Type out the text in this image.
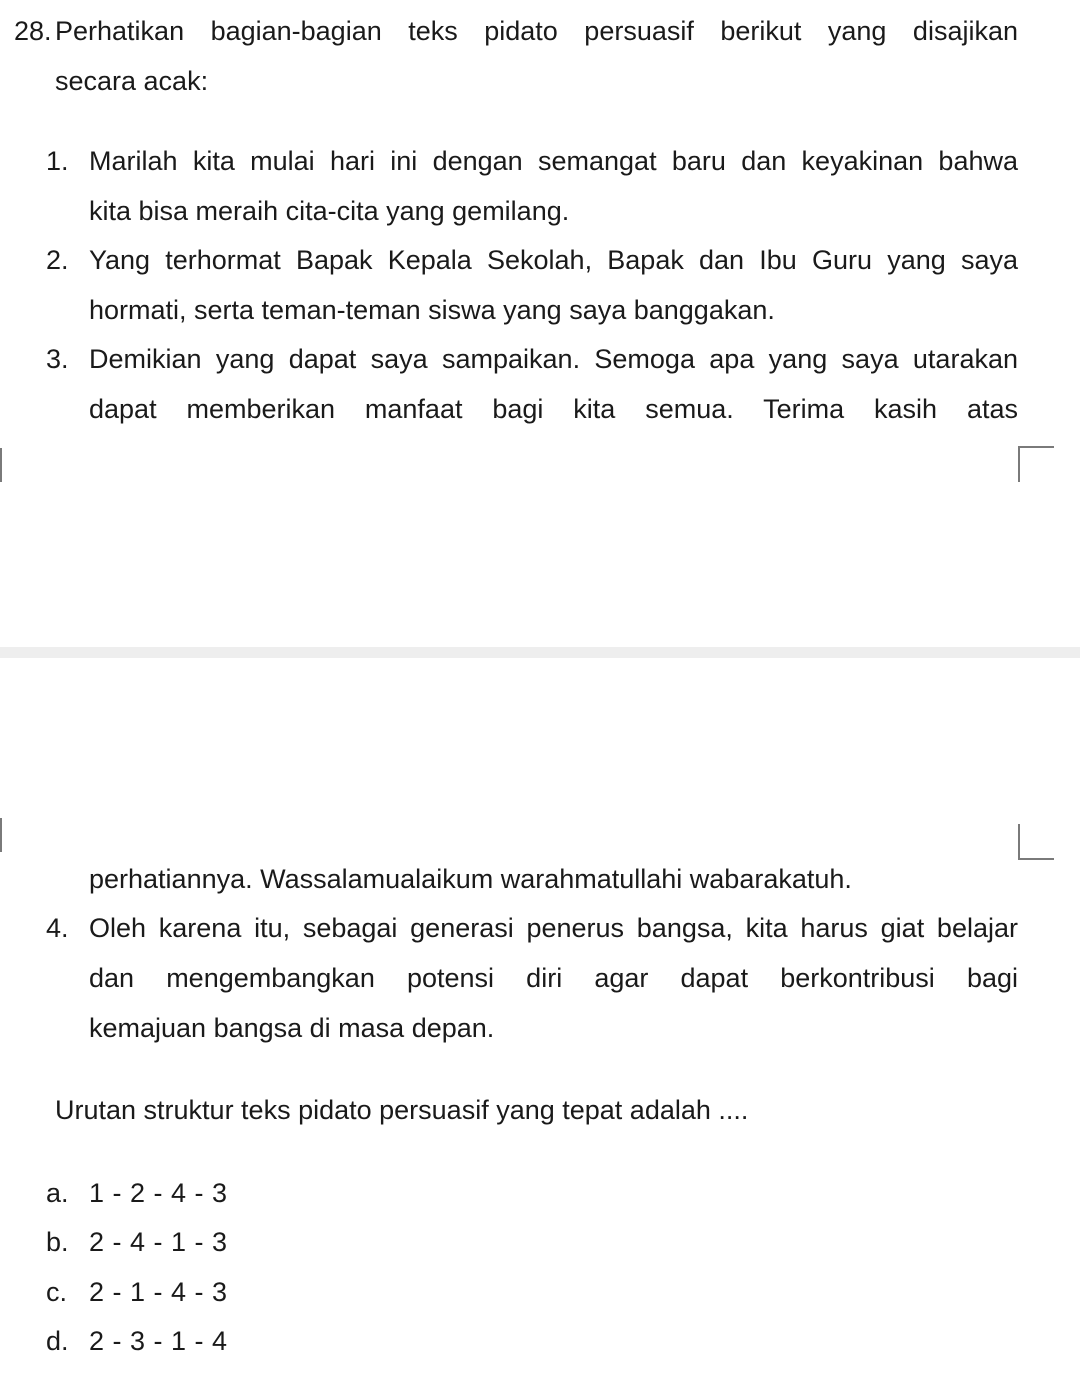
28. Perhatikan bagian-bagian teks pidato persuasif berikut yang disajikan
secara acak:
1. Marilah kita mulai hari ini dengan semangat baru dan keyakinan bahwa
kita bisa meraih cita-cita yang gemilang.
2. Yang terhormat Bapak Kepala Sekolah, Bapak dan Ibu Guru yang saya
hormati, serta teman-teman siswa yang saya banggakan.
3. Demikian yang dapat saya sampaikan. Semoga apa yang saya utarakan
dapat memberikan manfaat bagi kita semua. Terima kasih atas
perhatiannya. Wassalamualaikum warahmatullahi wabarakatuh.
4. Oleh karena itu, sebagai generasi penerus bangsa, kita harus giat belajar
dan mengembangkan potensi diri agar dapat berkontribusi bagi
kemajuan bangsa di masa depan.
Urutan struktur teks pidato persuasif yang tepat adalah ....
a. 1 - 2 - 4 - 3
b. 2 - 4 - 1 - 3
c. 2 - 1 - 4 - 3
d. 2 - 3 - 1 - 4
